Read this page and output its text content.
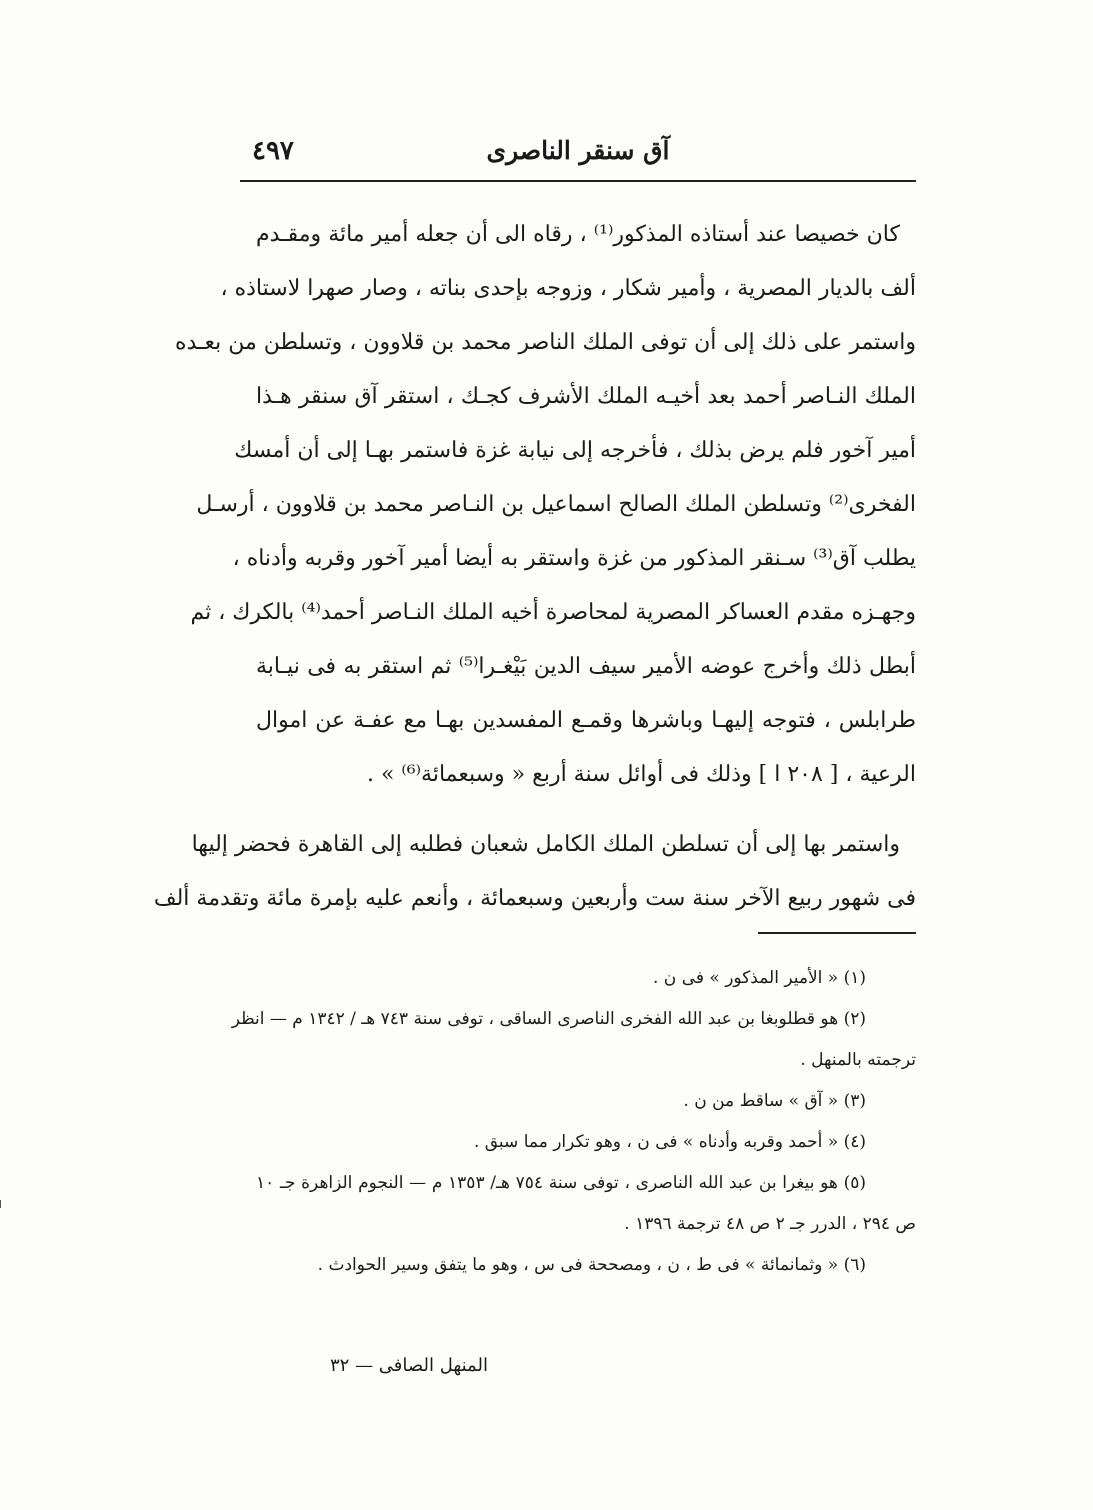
٤٩٧	آق سنقر الناصرى
كان خصيصا عند أستاذه المذكور⁽¹⁾ ، رقاه الى أن جعله أمير مائة ومقـدم
ألف بالديار المصرية ، وأمير شكار ، وزوجه بإحدى بناته ، وصار صهرا لاستاذه ،
واستمر على ذلك إلى أن توفى الملك الناصر محمد بن قلاوون ، وتسلطن من بعـده
الملك النـاصر أحمد بعد أخيـه الملك الأشرف كجـك ، استقر آق سنقر هـذا
أمير آخور فلم يرض بذلك ، فأخرجه إلى نيابة غزة فاستمر بهـا إلى أن أمسك
الفخرى⁽²⁾ وتسلطن الملك الصالح اسماعيل بن النـاصر محمد بن قلاوون ، أرسـل
يطلب آق⁽³⁾ سـنقر المذكور من غزة واستقر به أيضا أمير آخور وقربه وأدناه ،
وجهـزه مقدم العساكر المصرية لمحاصرة أخيه الملك النـاصر أحمد⁽⁴⁾ بالكرك ، ثم
أبطل ذلك وأخرج عوضه الأمير سيف الدين بَيْغـرا⁽⁵⁾ ثم استقر به فى نيـابة
طرابلس ، فتوجه إليهـا وباشرها وقمـع المفسدين بهـا مع عفـة عن اموال
الرعية ، [ ٢٠٨ ا ] وذلك فى أوائل سنة أربع « وسبعمائة⁽⁶⁾ » .
واستمر بها إلى أن تسلطن الملك الكامل شعبان فطلبه إلى القاهرة فحضر إليها
فى شهور ربيع الآخر سنة ست وأربعين وسبعمائة ، وأنعم عليه بإمرة مائة وتقدمة ألف
(١) « الأمير المذكور » فى ن .
(٢) هو قطلوبغا بن عبد الله الفخرى الناصرى الساقى ، توفى سنة ٧٤٣ هـ / ١٣٤٢ م — انظر
ترجمته بالمنهل .
(٣) « آق » ساقط من ن .
(٤) « أحمد وقربه وأدناه » فى ن ، وهو تكرار مما سبق .
(٥) هو بيغرا بن عبد الله الناصرى ، توفى سنة ٧٥٤ هـ/ ١٣٥٣ م — النجوم الزاهرة جـ ١٠
ص ٢٩٤ ، الدرر جـ ٢ ص ٤٨ ترجمة ١٣٩٦ .
(٦) « وثمانمائة » فى ط ، ن ، ومصححة فى س ، وهو ما يتفق وسير الحوادث .
المنهل الصافى — ٣٢
